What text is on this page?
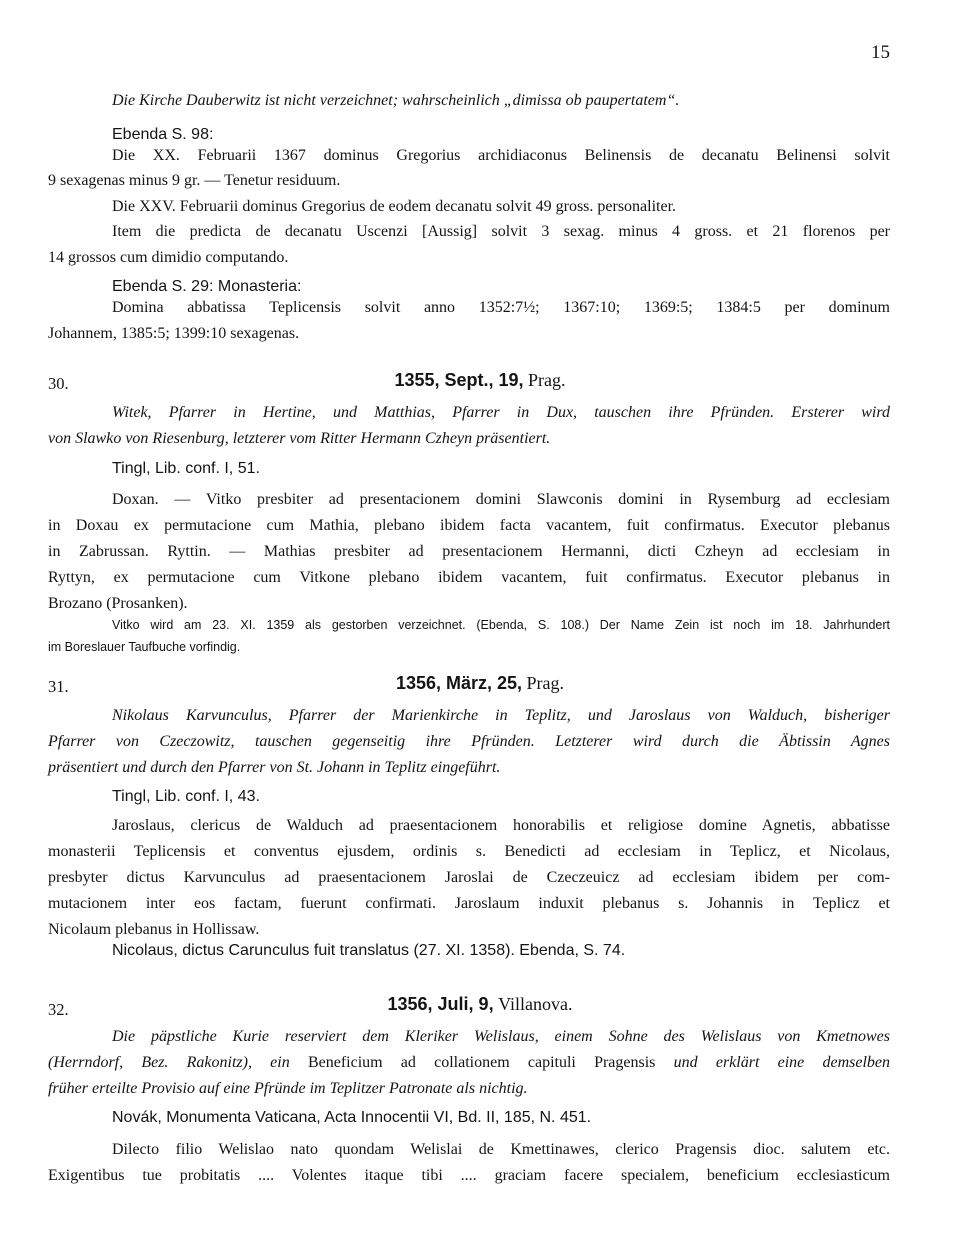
15
Die Kirche Dauberwitz ist nicht verzeichnet; wahrscheinlich „dimissa ob paupertatem“.
Ebenda S. 98:
Die XX. Februarii 1367 dominus Gregorius archidiaconus Belinensis de decanatu Belinensi solvit
9 sexagenas minus 9 gr. — Tenetur residuum.
Die XXV. Februarii dominus Gregorius de eodem decanatu solvit 49 gross. personaliter.
Item die predicta de decanatu Uscenzi [Aussig] solvit 3 sexag. minus 4 gross. et 21 florenos per
14 grossos cum dimidio computando.
Ebenda S. 29: Monasteria:
Domina abbatissa Teplicensis solvit anno 1352:7½; 1367:10; 1369:5; 1384:5 per dominum
Johannem, 1385:5; 1399:10 sexagenas.
30.	1355, Sept., 19, Prag.
Witek, Pfarrer in Hertine, und Matthias, Pfarrer in Dux, tauschen ihre Pfründen. Ersterer wird
von Slawko von Riesenburg, letzterer vom Ritter Hermann Czheyn präsentiert.
Tingl, Lib. conf. I, 51.
Doxan. — Vitko presbiter ad presentacionem domini Slawconis domini in Rysemburg ad ecclesiam
in Doxau ex permutacione cum Mathia, plebano ibidem facta vacantem, fuit confirmatus. Executor plebanus
in Zabrussan. Ryttin. — Mathias presbiter ad presentacionem Hermanni, dicti Czheyn ad ecclesiam in
Ryttyn, ex permutacione cum Vitkone plebano ibidem vacantem, fuit confirmatus. Executor plebanus in
Brozano (Prosanken).
Vitko wird am 23. XI. 1359 als gestorben verzeichnet. (Ebenda, S. 108.) Der Name Zein ist noch im 18. Jahrhundert
im Boreslauer Taufbuche vorfindig.
31.	1356, März, 25, Prag.
Nikolaus Karvunculus, Pfarrer der Marienkirche in Teplitz, und Jaroslaus von Walduch, bisheriger
Pfarrer von Czeczowitz, tauschen gegenseitig ihre Pfründen. Letzterer wird durch die Äbtissin Agnes
präsentiert und durch den Pfarrer von St. Johann in Teplitz eingeführt.
Tingl, Lib. conf. I, 43.
Jaroslaus, clericus de Walduch ad praesentacionem honorabilis et religiose domine Agnetis, abbatisse
monasterii Teplicensis et conventus ejusdem, ordinis s. Benedicti ad ecclesiam in Teplicz, et Nicolaus,
presbyter dictus Karvunculus ad praesentacionem Jaroslai de Czeczeuicz ad ecclesiam ibidem per com-
mutacionem inter eos factam, fuerunt confirmati. Jaroslaum induxit plebanus s. Johannis in Teplicz et
Nicolaum plebanus in Hollissaw.
Nicolaus, dictus Carunculus fuit translatus (27. XI. 1358). Ebenda, S. 74.
32.	1356, Juli, 9, Villanova.
Die päpstliche Kurie reserviert dem Kleriker Welislaus, einem Sohne des Welislaus von Kmetnowes
(Herrndorf, Bez. Rakonitz), ein Beneficium ad collationem capituli Pragensis und erklärt eine demselben
früher erteilte Provisio auf eine Pfründe im Teplitzer Patronate als nichtig.
Novák, Monumenta Vaticana, Acta Innocentii VI, Bd. II, 185, N. 451.
Dilecto filio Welislao nato quondam Welislai de Kmettinawes, clerico Pragensis dioc. salutem etc.
Exigentibus tue probitatis .... Volentes itaque tibi .... graciam facere specialem, beneficium ecclesiasticum
